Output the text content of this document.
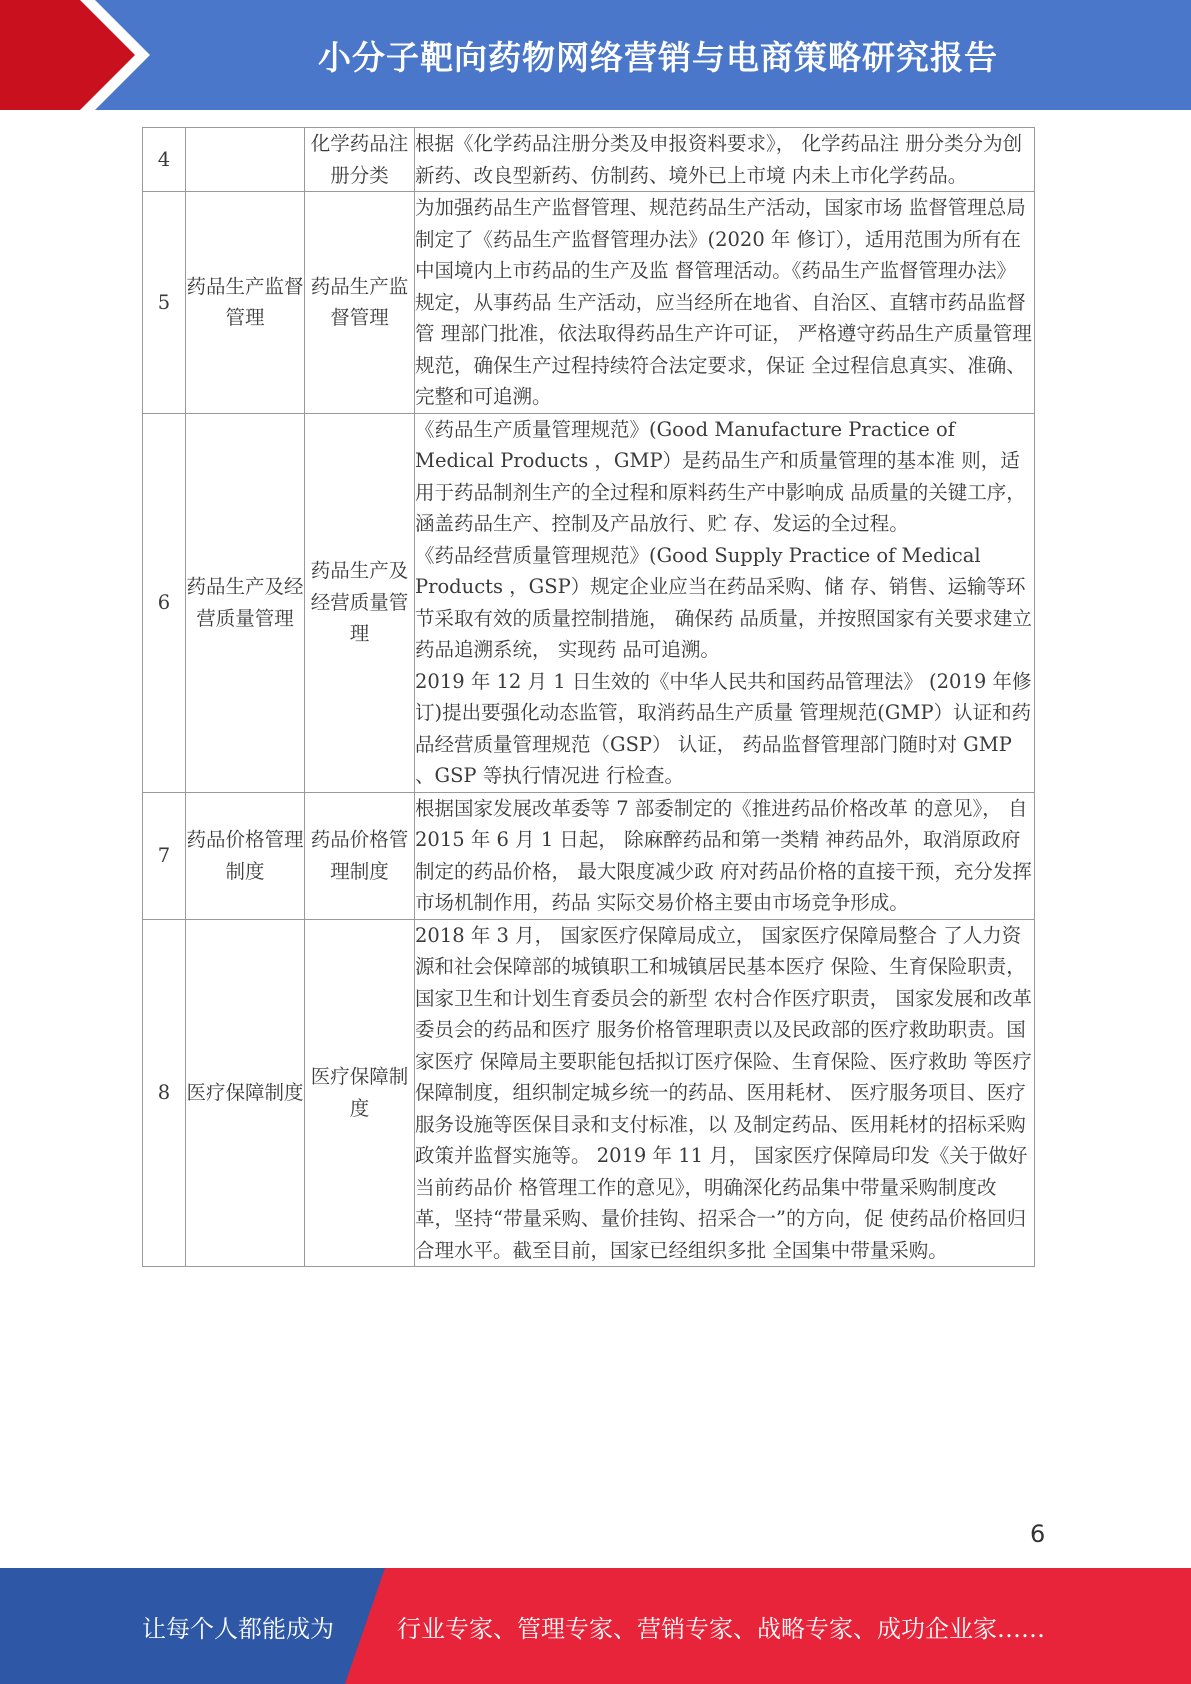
小分子靶向药物网络营销与电商策略研究报告
4		化学药品注册分类	根据《化学药品注册分类及申报资料要求》， 化学药品注 册分类分为创新药、改良型新药、仿制药、境外已上市境 内未上市化学药品。

5	药品生产监督管理	药品生产监督管理	为加强药品生产监督管理、规范药品生产活动，国家市场 监督管理总局制定了《药品生产监督管理办法》(2020 年 修订），适用范围为所有在中国境内上市药品的生产及监 督管理活动。《药品生产监督管理办法》规定，从事药品 生产活动，应当经所在地省、自治区、直辖市药品监督管 理部门批准，依法取得药品生产许可证， 严格遵守药品生产质量管理规范，确保生产过程持续符合法定要求，保证 全过程信息真实、准确、完整和可追溯。

6	药品生产及经营质量管理	药品生产及经营质量管理	《药品生产质量管理规范》(Good Manufacture Practice of Medical Products ，GMP）是药品生产和质量管理的基本准 则，适用于药品制剂生产的全过程和原料药生产中影响成 品质量的关键工序， 涵盖药品生产、控制及产品放行、贮 存、发运的全过程。
《药品经营质量管理规范》(Good Supply Practice of Medical Products ，GSP）规定企业应当在药品采购、储 存、销售、运输等环节采取有效的质量控制措施， 确保药 品质量，并按照国家有关要求建立药品追溯系统， 实现药 品可追溯。
2019 年 12 月 1 日生效的《中华人民共和国药品管理法》 (2019 年修订)提出要强化动态监管，取消药品生产质量 管理规范(GMP）认证和药品经营质量管理规范（GSP） 认证， 药品监督管理部门随时对 GMP 、GSP 等执行情况进 行检查。

7	药品价格管理制度	药品价格管理制度	根据国家发展改革委等 7 部委制定的《推进药品价格改革 的意见》， 自 2015 年 6 月 1 日起， 除麻醉药品和第一类精 神药品外，取消原政府制定的药品价格， 最大限度减少政 府对药品价格的直接干预，充分发挥市场机制作用，药品 实际交易价格主要由市场竞争形成。

8	医疗保障制度	医疗保障制度	2018 年 3 月， 国家医疗保障局成立， 国家医疗保障局整合 了人力资源和社会保障部的城镇职工和城镇居民基本医疗 保险、生育保险职责，国家卫生和计划生育委员会的新型 农村合作医疗职责， 国家发展和改革委员会的药品和医疗 服务价格管理职责以及民政部的医疗救助职责。国家医疗 保障局主要职能包括拟订医疗保险、生育保险、医疗救助 等医疗保障制度，组织制定城乡统一的药品、医用耗材、 医疗服务项目、医疗服务设施等医保目录和支付标准，以 及制定药品、医用耗材的招标采购政策并监督实施等。 2019 年 11 月， 国家医疗保障局印发《关于做好当前药品价 格管理工作的意见》，明确深化药品集中带量采购制度改 革，坚持“带量采购、量价挂钩、招采合一”的方向，促 使药品价格回归合理水平。截至目前，国家已经组织多批 全国集中带量采购。
6
让每个人都能成为	行业专家、管理专家、营销专家、战略专家、成功企业家……
